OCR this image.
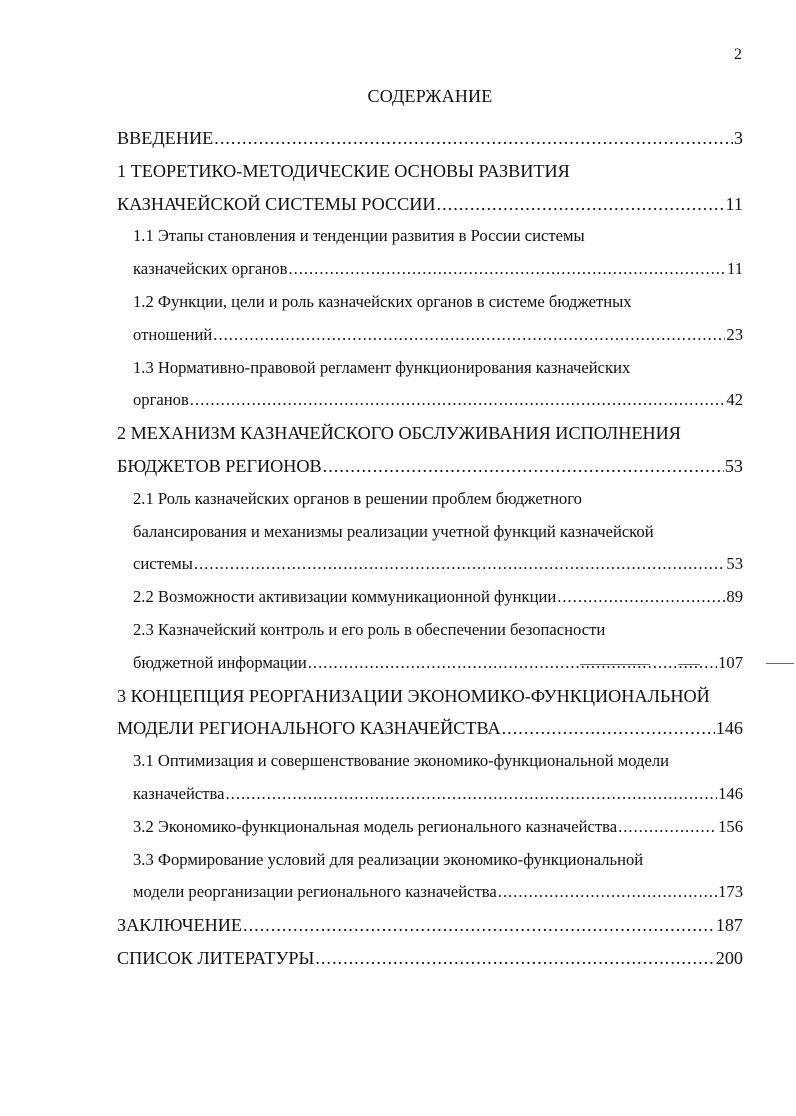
2
СОДЕРЖАНИЕ
ВВЕДЕНИЕ .....	3
1 ТЕОРЕТИКО-МЕТОДИЧЕСКИЕ ОСНОВЫ РАЗВИТИЯ
КАЗНАЧЕЙСКОЙ СИСТЕМЫ РОССИИ .....	11
1.1 Этапы становления и тенденции развития в России системы
казначейских органов .....	11
1.2 Функции, цели и роль казначейских органов в системе бюджетных
отношений .....	23
1.3 Нормативно-правовой регламент функционирования казначейских
органов .....	42
2 МЕХАНИЗМ КАЗНАЧЕЙСКОГО ОБСЛУЖИВАНИЯ ИСПОЛНЕНИЯ
БЮДЖЕТОВ РЕГИОНОВ .....	53
2.1 Роль казначейских органов в решении проблем бюджетного
балансирования и механизмы реализации учетной функций казначейской
системы .....	53
2.2 Возможности активизации коммуникационной функции .....	89
2.3 Казначейский контроль и его роль в обеспечении безопасности
бюджетной информации .....	107
3 КОНЦЕПЦИЯ РЕОРГАНИЗАЦИИ ЭКОНОМИКО-ФУНКЦИОНАЛЬНОЙ
МОДЕЛИ РЕГИОНАЛЬНОГО КАЗНАЧЕЙСТВА .....	146
3.1 Оптимизация и совершенствование экономико-функциональной модели
казначейства .....	146
3.2 Экономико-функциональная модель регионального казначейства .....	156
3.3 Формирование условий для реализации экономико-функциональной
модели реорганизации регионального казначейства .....	173
ЗАКЛЮЧЕНИЕ .....	187
СПИСОК ЛИТЕРАТУРЫ .....	200
